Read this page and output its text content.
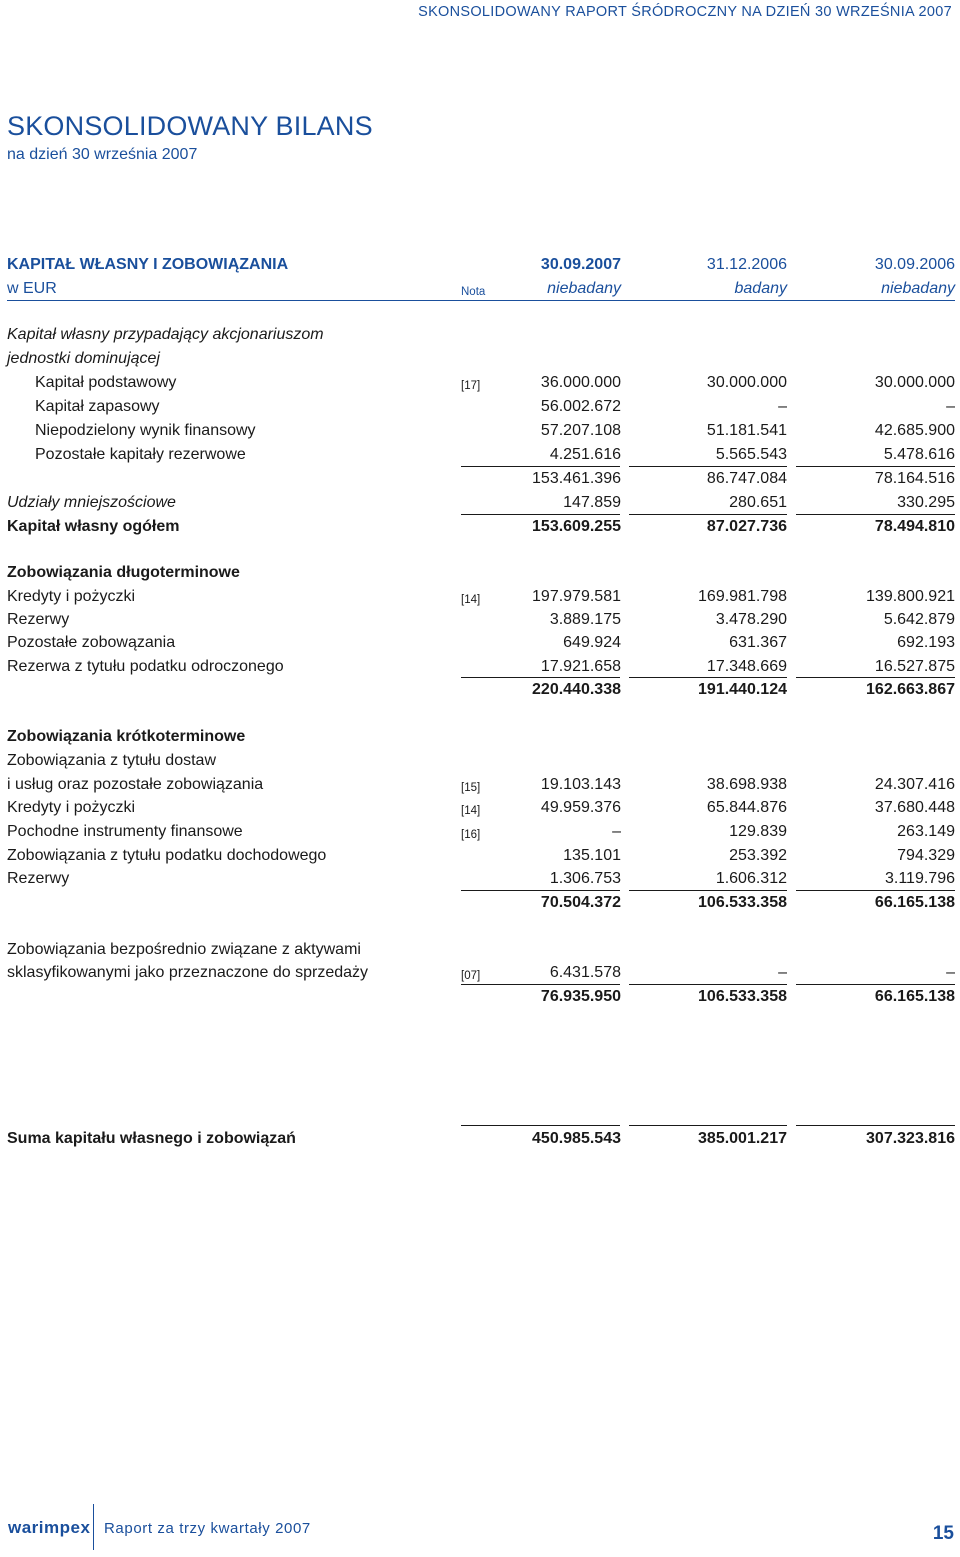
SKONSOLIDOWANY RAPORT ŚRÓDROCZNY NA DZIEŃ 30 WRZEŚNIA 2007
SKONSOLIDOWANY BILANS
na dzień 30 września 2007
KAPITAŁ WŁASNY I ZOBOWIĄZANIA	30.09.2007	31.12.2006	30.09.2006
w EUR	Nota	niebadany	badany	niebadany
Kapitał własny przypadający akcjonariuszom
jednostki dominującej
Kapitał podstawowy	[17]	36.000.000	30.000.000	30.000.000
Kapitał zapasowy	56.002.672	–	–
Niepodzielony wynik finansowy	57.207.108	51.181.541	42.685.900
Pozostałe kapitały rezerwowe	4.251.616	5.565.543	5.478.616
153.461.396	86.747.084	78.164.516
Udziały mniejszościowe	147.859	280.651	330.295
Kapitał własny ogółem	153.609.255	87.027.736	78.494.810
Zobowiązania długoterminowe
Kredyty i pożyczki	[14]	197.979.581	169.981.798	139.800.921
Rezerwy	3.889.175	3.478.290	5.642.879
Pozostałe zobowązania	649.924	631.367	692.193
Rezerwa z tytułu podatku odroczonego	17.921.658	17.348.669	16.527.875
220.440.338	191.440.124	162.663.867
Zobowiązania krótkoterminowe
Zobowiązania z tytułu dostaw
i usług oraz pozostałe zobowiązania	[15]	19.103.143	38.698.938	24.307.416
Kredyty i pożyczki	[14]	49.959.376	65.844.876	37.680.448
Pochodne instrumenty finansowe	[16]	–	129.839	263.149
Zobowiązania z tytułu podatku dochodowego	135.101	253.392	794.329
Rezerwy	1.306.753	1.606.312	3.119.796
70.504.372	106.533.358	66.165.138
Zobowiązania bezpośrednio związane z aktywami
sklasyfikowanymi jako przeznaczone do sprzedaży	[07]	6.431.578	–	–
76.935.950	106.533.358	66.165.138
Suma kapitału własnego i zobowiązań	450.985.543	385.001.217	307.323.816
warimpex Raport za trzy kwartały 2007	15
